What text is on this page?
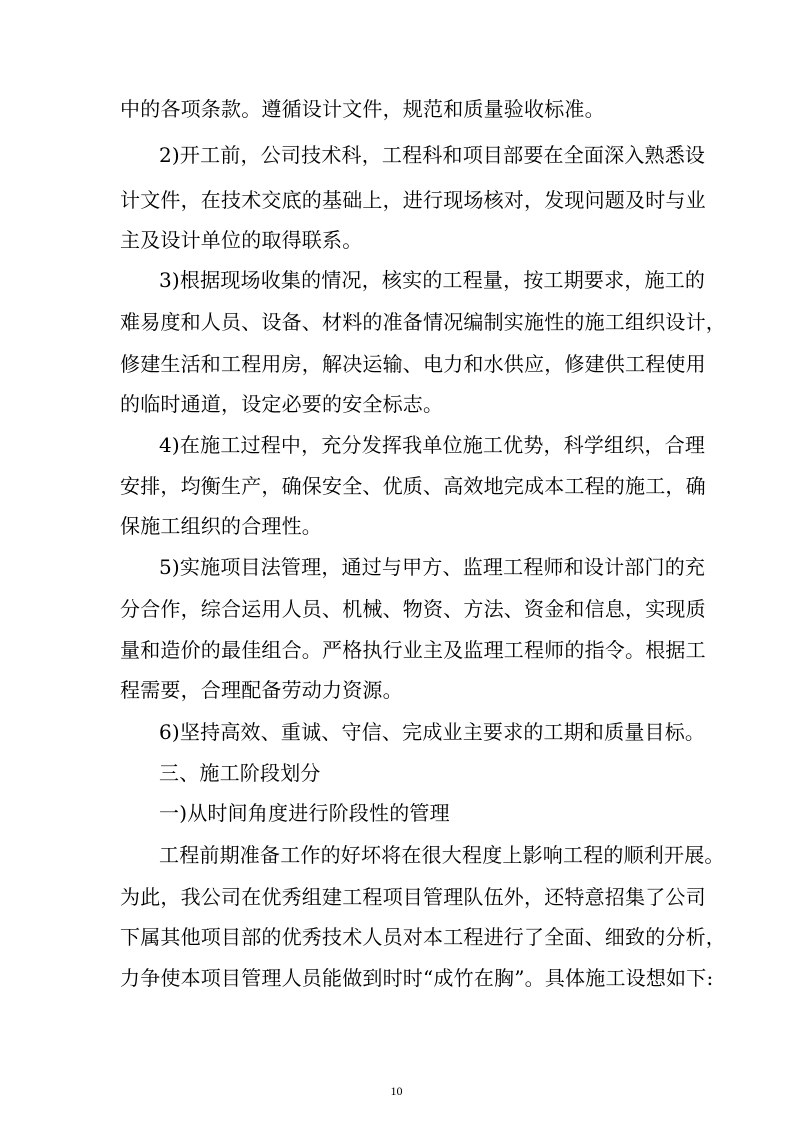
中的各项条款。遵循设计文件，规范和质量验收标准。
2)开工前，公司技术科，工程科和项目部要在全面深入熟悉设
计文件，在技术交底的基础上，进行现场核对，发现问题及时与业
主及设计单位的取得联系。
3)根据现场收集的情况，核实的工程量，按工期要求，施工的
难易度和人员、设备、材料的准备情况编制实施性的施工组织设计，
修建生活和工程用房，解决运输、电力和水供应，修建供工程使用
的临时通道，设定必要的安全标志。
4)在施工过程中，充分发挥我单位施工优势，科学组织，合理
安排，均衡生产，确保安全、优质、高效地完成本工程的施工，确
保施工组织的合理性。
5)实施项目法管理，通过与甲方、监理工程师和设计部门的充
分合作，综合运用人员、机械、物资、方法、资金和信息，实现质
量和造价的最佳组合。严格执行业主及监理工程师的指令。根据工
程需要，合理配备劳动力资源。
6)坚持高效、重诚、守信、完成业主要求的工期和质量目标。
三、施工阶段划分
一)从时间角度进行阶段性的管理
工程前期准备工作的好坏将在很大程度上影响工程的顺利开展。
为此，我公司在优秀组建工程项目管理队伍外，还特意招集了公司
下属其他项目部的优秀技术人员对本工程进行了全面、细致的分析，
力争使本项目管理人员能做到时时“成竹在胸”。具体施工设想如下:
10
